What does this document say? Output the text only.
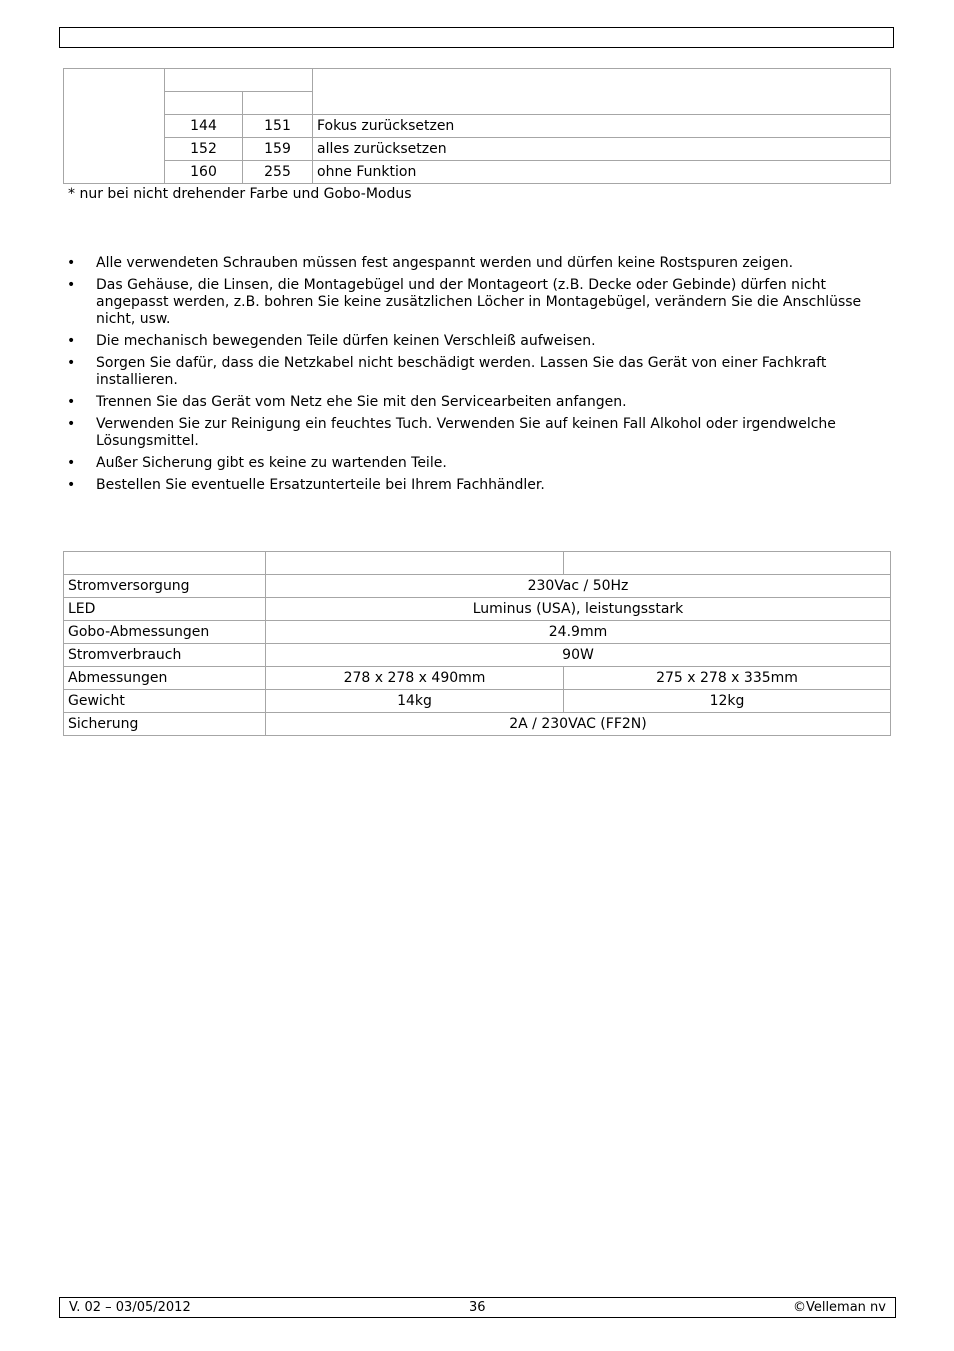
	144	151	Fokus zurücksetzen
	152	159	alles zurücksetzen
	160	255	ohne Funktion
* nur bei nicht drehender Farbe und Gobo-Modus
• Alle verwendeten Schrauben müssen fest angespannt werden und dürfen keine Rostspuren zeigen.
• Das Gehäuse, die Linsen, die Montagebügel und der Montageort (z.B. Decke oder Gebinde) dürfen nicht angepasst werden, z.B. bohren Sie keine zusätzlichen Löcher in Montagebügel, verändern Sie die Anschlüsse nicht, usw.
• Die mechanisch bewegenden Teile dürfen keinen Verschleiß aufweisen.
• Sorgen Sie dafür, dass die Netzkabel nicht beschädigt werden. Lassen Sie das Gerät von einer Fachkraft installieren.
• Trennen Sie das Gerät vom Netz ehe Sie mit den Servicearbeiten anfangen.
• Verwenden Sie zur Reinigung ein feuchtes Tuch. Verwenden Sie auf keinen Fall Alkohol oder irgendwelche Lösungsmittel.
• Außer Sicherung gibt es keine zu wartenden Teile.
• Bestellen Sie eventuelle Ersatzunterteile bei Ihrem Fachhändler.

Stromversorgung	230Vac / 50Hz	
LED	Luminus (USA), leistungsstark	
Gobo-Abmessungen	24.9mm	
Stromverbrauch	90W	
Abmessungen	278 x 278 x 490mm	275 x 278 x 335mm
Gewicht	14kg	12kg
Sicherung	2A / 230VAC (FF2N)	
V. 02 – 03/05/2012	36	©Velleman nv
